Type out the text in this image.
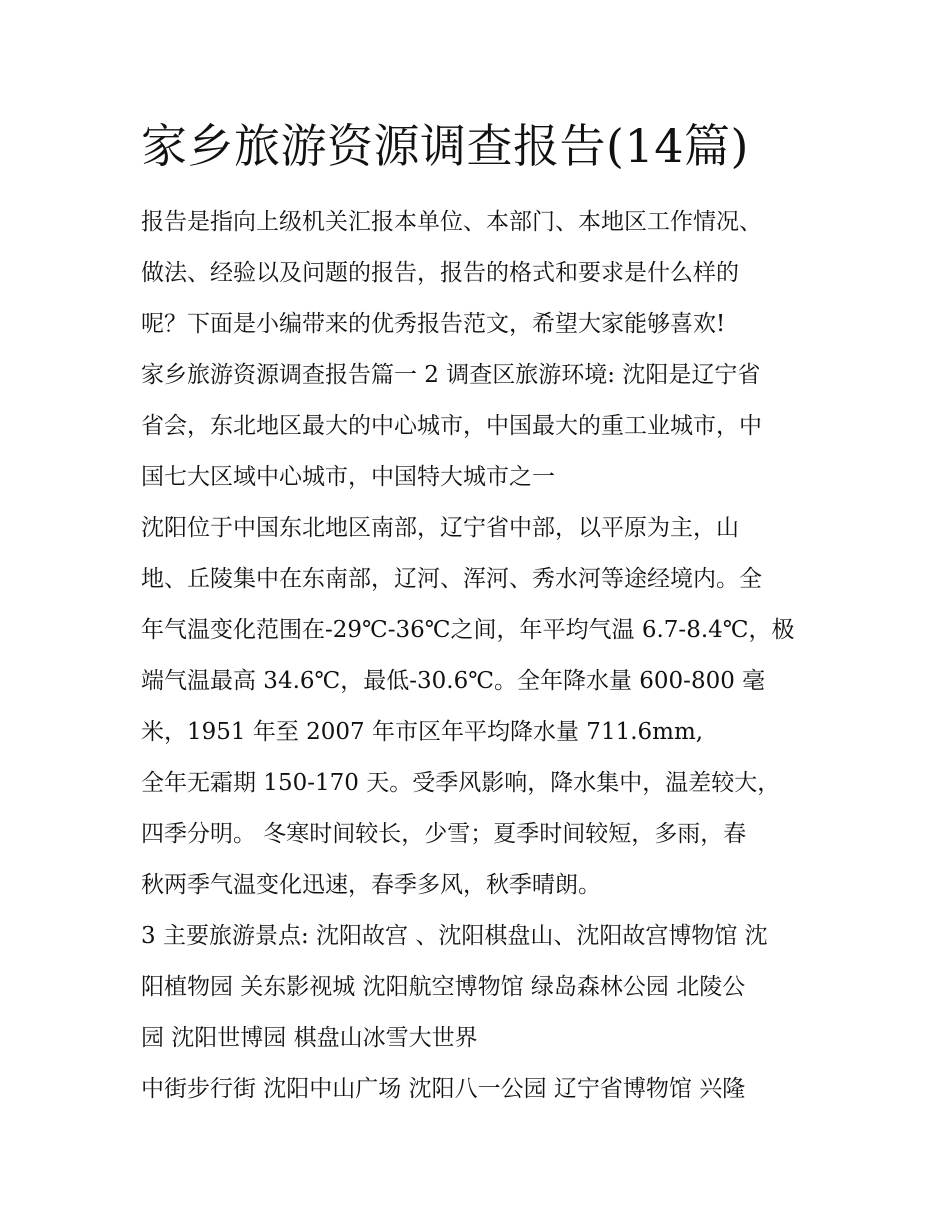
家乡旅游资源调查报告(14篇)
报告是指向上级机关汇报本单位、本部门、本地区工作情况、
做法、经验以及问题的报告，报告的格式和要求是什么样的
呢？下面是小编带来的优秀报告范文，希望大家能够喜欢!
家乡旅游资源调查报告篇一 2 调查区旅游环境: 沈阳是辽宁省
省会，东北地区最大的中心城市，中国最大的重工业城市，中
国七大区域中心城市，中国特大城市之一
沈阳位于中国东北地区南部，辽宁省中部，以平原为主，山
地、丘陵集中在东南部，辽河、浑河、秀水河等途经境内。全
年气温变化范围在-29℃-36℃之间，年平均气温 6.7-8.4℃，极
端气温最高 34.6℃，最低-30.6℃。全年降水量 600-800 毫
米，1951 年至 2007 年市区年平均降水量 711.6mm,
全年无霜期 150-170 天。受季风影响，降水集中，温差较大，
四季分明。 冬寒时间较长，少雪；夏季时间较短，多雨，春
秋两季气温变化迅速，春季多风，秋季晴朗。
3 主要旅游景点: 沈阳故宫 、沈阳棋盘山、沈阳故宫博物馆 沈
阳植物园 关东影视城 沈阳航空博物馆 绿岛森林公园 北陵公
园 沈阳世博园 棋盘山冰雪大世界
中街步行街 沈阳中山广场 沈阳八一公园 辽宁省博物馆 兴隆
